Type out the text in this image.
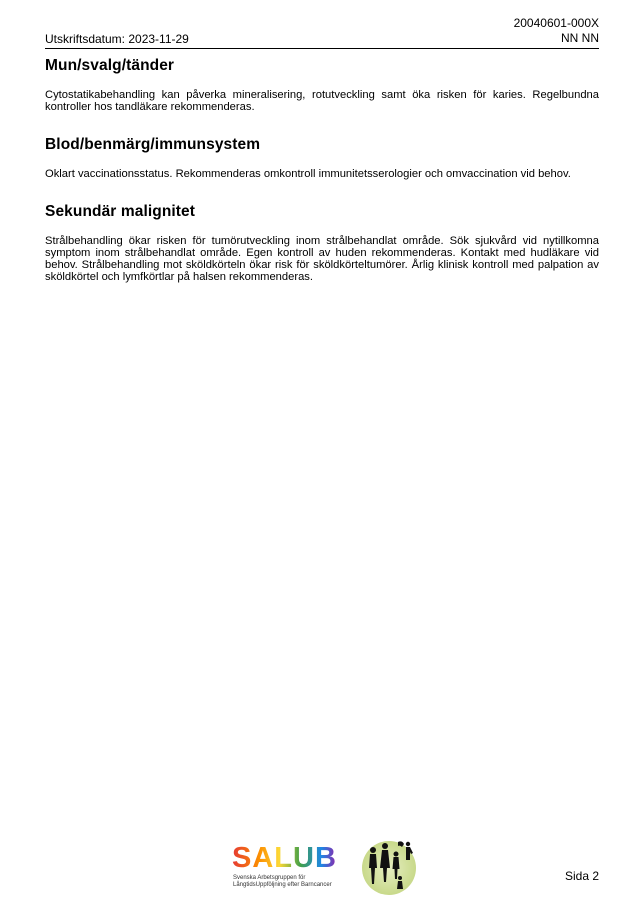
Utskriftsdatum: 2023-11-29
20040601-000X
NN NN
Mun/svalg/tänder

Cytostatikabehandling kan påverka mineralisering, rotutveckling samt öka risken för karies. Regelbundna kontroller hos tandläkare rekommenderas.

Blod/benmärg/immunsystem

Oklart vaccinationsstatus. Rekommenderas omkontroll immunitetsserologier och omvaccination vid behov.

Sekundär malignitet

Strålbehandling ökar risken för tumörutveckling inom strålbehandlat område. Sök sjukvård vid nytillkomna symptom inom strålbehandlat område. Egen kontroll av huden rekommenderas. Kontakt med hudläkare vid behov. Strålbehandling mot sköldkörteln ökar risk för sköldkörteltumörer. Årlig klinisk kontroll med palpation av sköldkörtel och lymfkörtlar på halsen rekommenderas.

SALUB
Svenska Arbetsgruppen för
LångtidsUppföljning efter Barncancer
Sida 2
